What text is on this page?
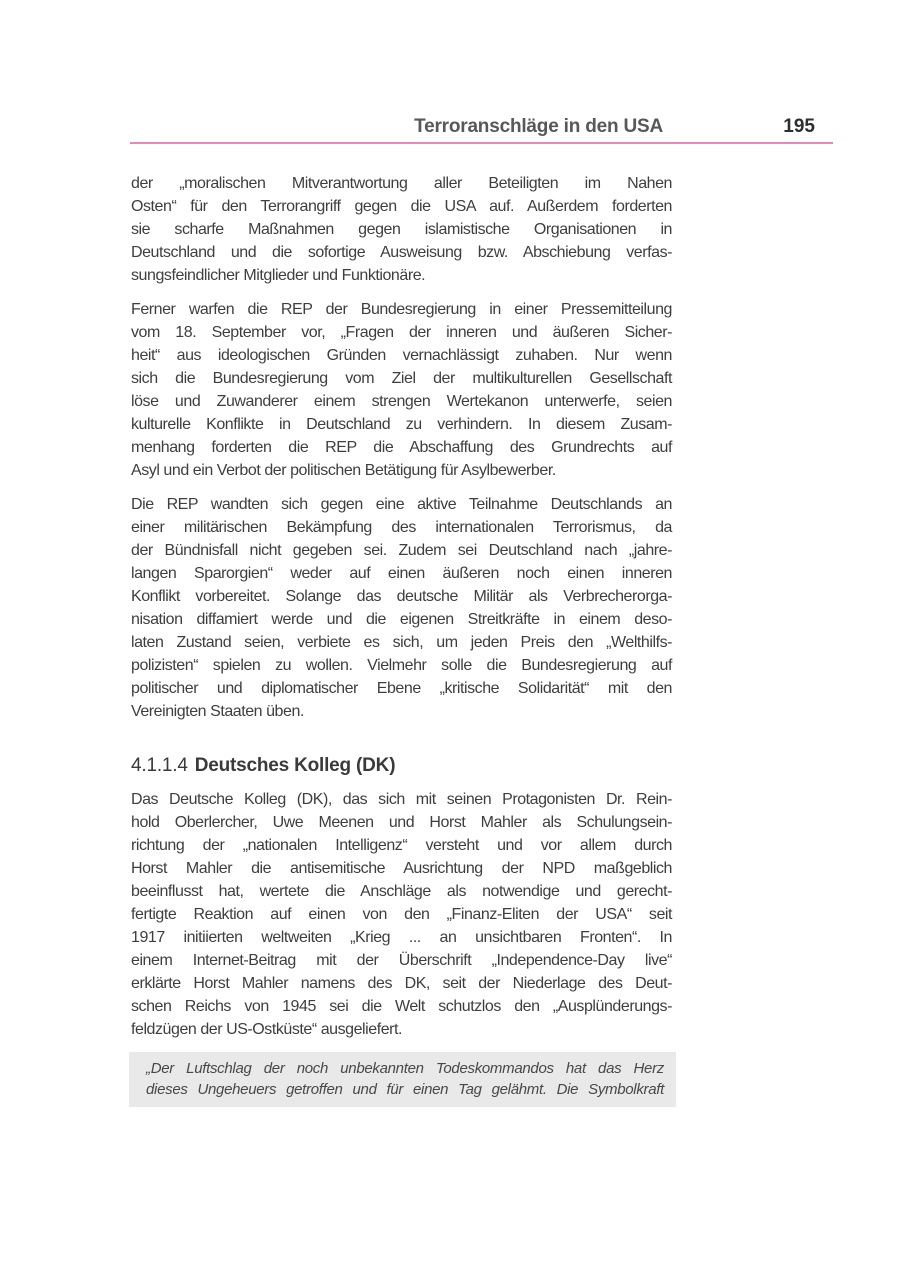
Terroranschläge in den USA	195
der „moralischen Mitverantwortung aller Beteiligten im Nahen
Osten“ für den Terrorangriff gegen die USA auf. Außerdem forderten
sie scharfe Maßnahmen gegen islamistische Organisationen in
Deutschland und die sofortige Ausweisung bzw. Abschiebung verfas-
sungsfeindlicher Mitglieder und Funktionäre.
Ferner warfen die REP der Bundesregierung in einer Pressemitteilung
vom 18. September vor, „Fragen der inneren und äußeren Sicher-
heit“ aus ideologischen Gründen vernachlässigt zuhaben. Nur wenn
sich die Bundesregierung vom Ziel der multikulturellen Gesellschaft
löse und Zuwanderer einem strengen Wertekanon unterwerfe, seien
kulturelle Konflikte in Deutschland zu verhindern. In diesem Zusam-
menhang forderten die REP die Abschaffung des Grundrechts auf
Asyl und ein Verbot der politischen Betätigung für Asylbewerber.
Die REP wandten sich gegen eine aktive Teilnahme Deutschlands an
einer militärischen Bekämpfung des internationalen Terrorismus, da
der Bündnisfall nicht gegeben sei. Zudem sei Deutschland nach „jahre-
langen Sparorgien“ weder auf einen äußeren noch einen inneren
Konflikt vorbereitet. Solange das deutsche Militär als Verbrecherorga-
nisation diffamiert werde und die eigenen Streitkräfte in einem deso-
laten Zustand seien, verbiete es sich, um jeden Preis den „Welthilfs-
polizisten“ spielen zu wollen. Vielmehr solle die Bundesregierung auf
politischer und diplomatischer Ebene „kritische Solidarität“ mit den
Vereinigten Staaten üben.
4.1.1.4 Deutsches Kolleg (DK)
Das Deutsche Kolleg (DK), das sich mit seinen Protagonisten Dr. Rein-
hold Oberlercher, Uwe Meenen und Horst Mahler als Schulungsein-
richtung der „nationalen Intelligenz“ versteht und vor allem durch
Horst Mahler die antisemitische Ausrichtung der NPD maßgeblich
beeinflusst hat, wertete die Anschläge als notwendige und gerecht-
fertigte Reaktion auf einen von den „Finanz-Eliten der USA“ seit
1917 initiierten weltweiten „Krieg ... an unsichtbaren Fronten“. In
einem Internet-Beitrag mit der Überschrift „Independence-Day live“
erklärte Horst Mahler namens des DK, seit der Niederlage des Deut-
schen Reichs von 1945 sei die Welt schutzlos den „Ausplünderungs-
feldzügen der US-Ostküste“ ausgeliefert.
„Der Luftschlag der noch unbekannten Todeskommandos hat das Herz
dieses Ungeheuers getroffen und für einen Tag gelähmt. Die Symbolkraft
